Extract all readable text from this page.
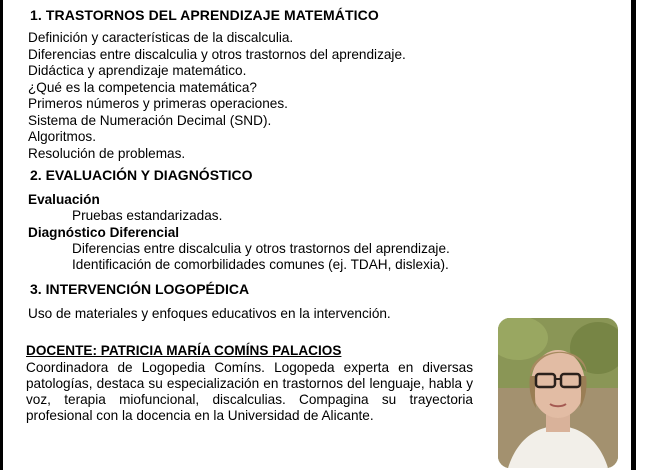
1. TRASTORNOS DEL APRENDIZAJE MATEMÁTICO
Definición y características de la discalculia.
Diferencias entre discalculia y otros trastornos del aprendizaje.
Didáctica y aprendizaje matemático.
¿Qué es la competencia matemática?
Primeros números y primeras operaciones.
Sistema de Numeración Decimal (SND).
Algoritmos.
Resolución de problemas.
2. EVALUACIÓN Y DIAGNÓSTICO
Evaluación
Pruebas estandarizadas.
Diagnóstico Diferencial
Diferencias entre discalculia y otros trastornos del aprendizaje.
Identificación de comorbilidades comunes (ej. TDAH, dislexia).
3. INTERVENCIÓN LOGOPÉDICA
Uso de materiales y enfoques educativos en la intervención.
DOCENTE: PATRICIA MARÍA COMÍNS PALACIOS
Coordinadora de Logopedia Comíns. Logopeda experta en diversas patologías, destaca su especialización en trastornos del lenguaje, habla y voz, terapia miofuncional, discalculias. Compagina su trayectoria profesional con la docencia en la Universidad de Alicante.
